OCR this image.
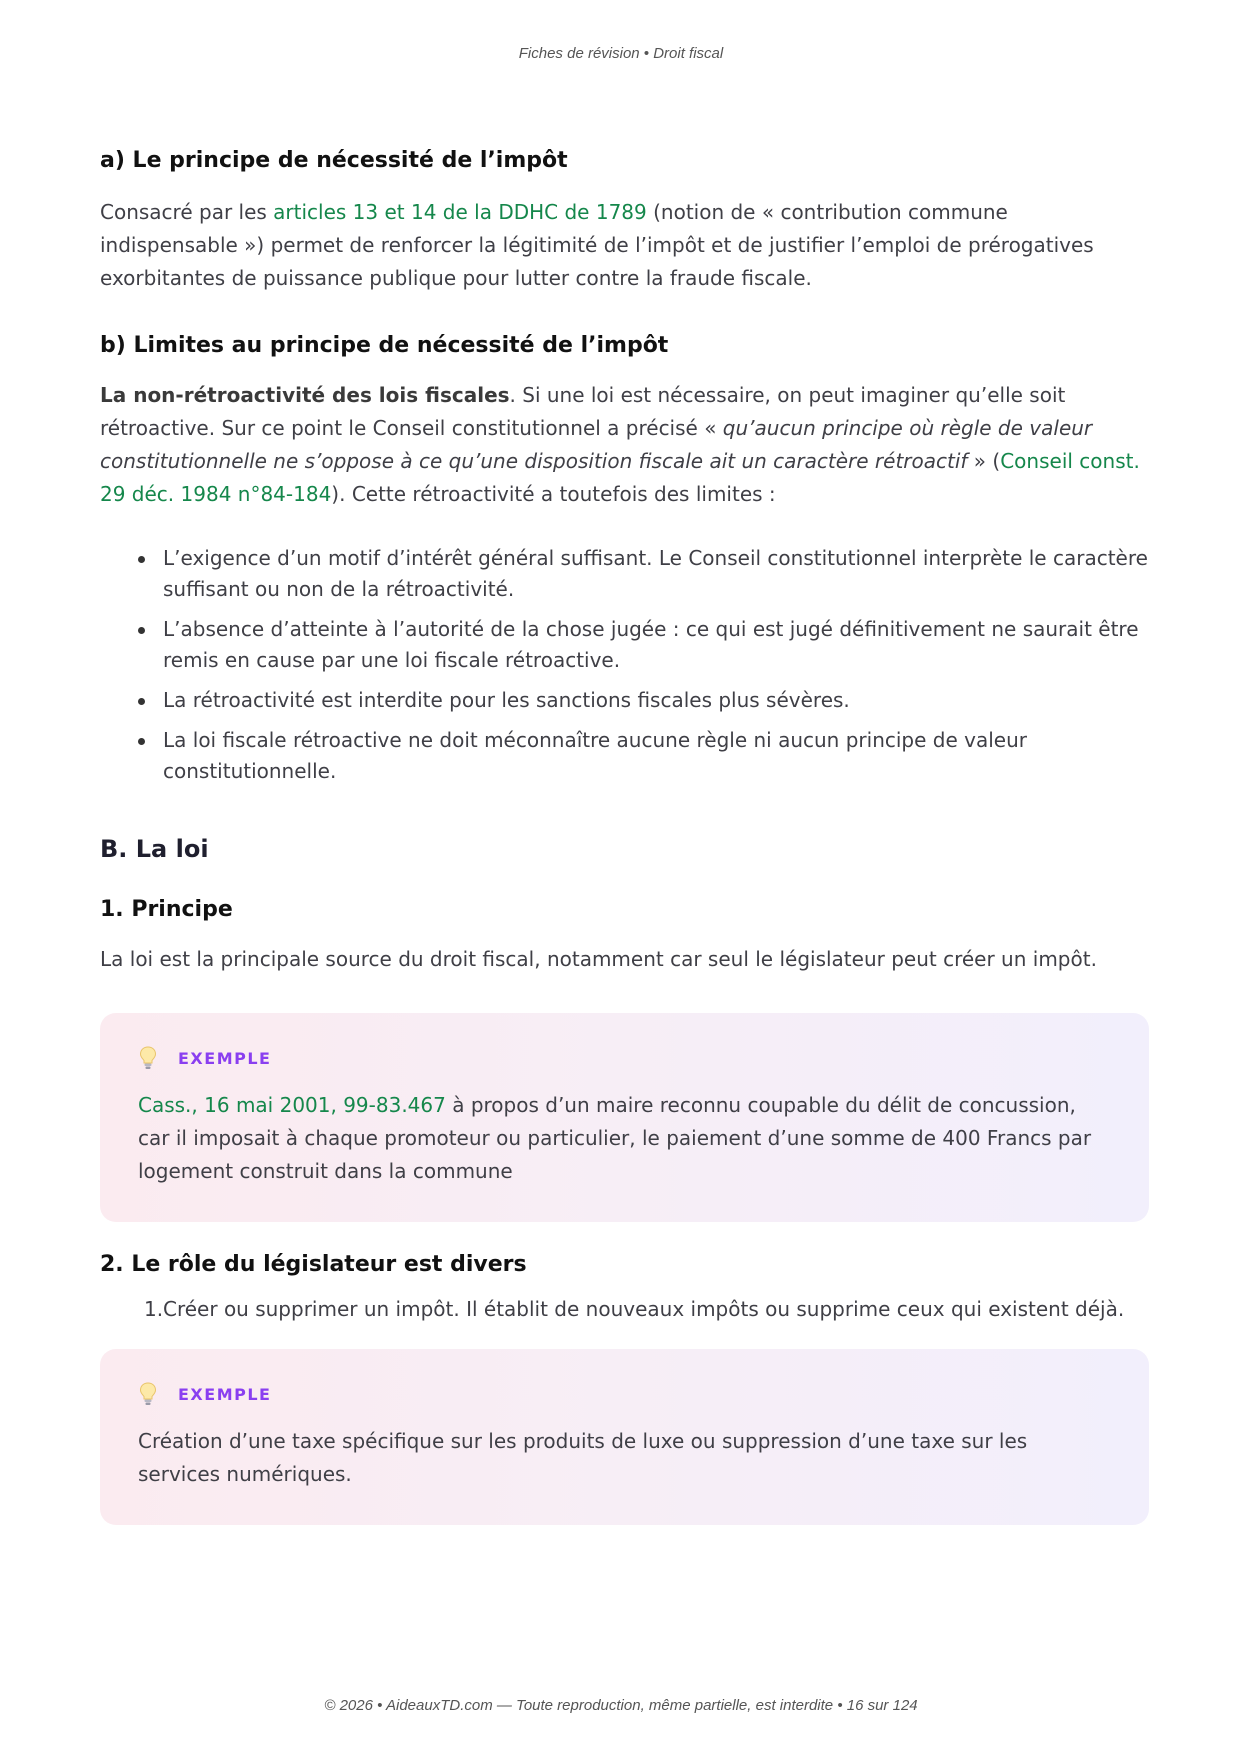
Fiches de révision • Droit fiscal
a) Le principe de nécessité de l’impôt

Consacré par les articles 13 et 14 de la DDHC de 1789 (notion de « contribution commune indispensable ») permet de renforcer la légitimité de l’impôt et de justifier l’emploi de prérogatives exorbitantes de puissance publique pour lutter contre la fraude fiscale.

b) Limites au principe de nécessité de l’impôt

La non-rétroactivité des lois fiscales. Si une loi est nécessaire, on peut imaginer qu’elle soit rétroactive. Sur ce point le Conseil constitutionnel a précisé « qu’aucun principe où règle de valeur constitutionnelle ne s’oppose à ce qu’une disposition fiscale ait un caractère rétroactif » (Conseil const. 29 déc. 1984 n°84-184). Cette rétroactivité a toutefois des limites :

L’exigence d’un motif d’intérêt général suffisant. Le Conseil constitutionnel interprète le caractère suffisant ou non de la rétroactivité.
L’absence d’atteinte à l’autorité de la chose jugée : ce qui est jugé définitivement ne saurait être remis en cause par une loi fiscale rétroactive.
La rétroactivité est interdite pour les sanctions fiscales plus sévères.
La loi fiscale rétroactive ne doit méconnaître aucune règle ni aucun principe de valeur constitutionnelle.
B. La loi
1. Principe

La loi est la principale source du droit fiscal, notamment car seul le législateur peut créer un impôt.

EXEMPLE

Cass., 16 mai 2001, 99-83.467 à propos d’un maire reconnu coupable du délit de concussion, car il imposait à chaque promoteur ou particulier, le paiement d’une somme de 400 Francs par logement construit dans la commune

2. Le rôle du législateur est divers
1. Créer ou supprimer un impôt. Il établit de nouveaux impôts ou supprime ceux qui existent déjà.
EXEMPLE

Création d’une taxe spécifique sur les produits de luxe ou suppression d’une taxe sur les services numériques.

© 2026 • AideauxTD.com — Toute reproduction, même partielle, est interdite • 16 sur 124
